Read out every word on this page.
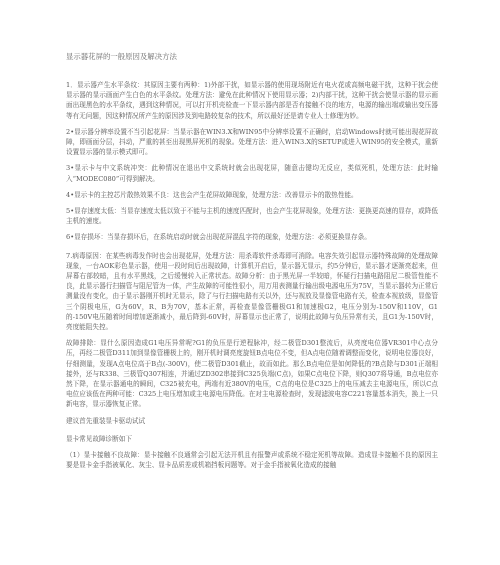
显示器花屏的一般原因及解决方法

1．显示器产生水平条纹：其原因主要有两种：1)外部干扰，如显示器的使用现场附近有电火花或高频电磁干扰，这种干扰会使显示器的显示画面产生白色的水平条纹。处理方法：避免在此种情况下使用显示器；2)内部干扰，这种干扰会使显示器的显示画面出现黑色的水平条纹，遇到这种情况，可以打开机壳检查一下显示器内部是否有接触不良的地方，电源的输出端或输出变压器等有无问题，因这种情况所产生的原因涉及到电路较复杂的技术，所以最好还是请专业人士修理为妙。

2•显示器分辨率设置不当引起花屏：当显示器在WIN3.X和WIN95中分辨率设置不正确时，启动Windows时就可能出现花屏故障，即画面分层，抖动，严重的甚至出现黑屏死机的现象。处理方法：进入WIN3.X的SETUP或进入WIN95的安全模式，重新设置显示器的显示模式即可。

3•显示卡与中文系统冲突：此种情况在退出中文系统时就会出现花屏，随意击键均无反应，类似死机，处理方法：此时输入“MODEC080”可得到解决。

4•显示卡的主控芯片散热效果不良：这也会产生花屏故障现象，处理方法：改善显示卡的散热性能。

5•显存速度太低：当显存速度太低以致于不能与主机的速度匹配时，也会产生花屏现象，处理方法：更换更高速的显存，或降低主机的速度。

6•显存损坏：当显存损坏后，在系统启动时就会出现花屏混乱字符的现象，处理方法：必须更换显存条。

7.病毒原因：在某些病毒发作时也会出现花屏，处理方法：用杀毒软件杀毒即可消除。电容失效引起显示器特殊故障的处理故障现象，一台AOK彩色显示器，使用一段时间后出现故障，计算机开启后，显示器无显示，约5分钟后，显示器才逐渐亮起来，但屏幕右部较暗，且有水平黑线，之后缓慢转入正常状态。故障分析：由于黑光屏一半较暗，怀疑行扫描电路阻尼二极管性能不良，此显示器行扫描管与阻尼管为一体，产生故障的可能性很小，用万用表测量行输出级电源电压为75V，当显示器转为正常后测量没有变化，由于显示器刚开机时无显示，除了与行扫描电路有关以外，还与视放及显像管电路有关，检查本视放级，显像管三个阴极电压，G为60V，R、B为70V，基本正常，再检查显像管栅极G1和加速极G2，电压分别为-150V和110V，G1的-150V电压随着时间增加逐渐减小，最后降到-60V时，屏幕显示也正常了，说明此故障与负压异常有关，且G1为-150V时，亮度能阻失控。

故障排除：显什么原因造成G1电压异常呢?G1的负压是行逆程脉冲，经二极管D301整流后，从亮度电位器VR301中心点分压，再经二极管D311加到显像管栅极上的，刚开机时调亮度旋钮B点电位不变，但A点电位随着调整而变化，说明电位器良好，仔细测量，发现A点电位高于B点(-300V)，使二极管D301截止，故而如此。那么B点电位是如何降低的?B点除与D301正端相接外，还与R338、三极管Q307相连，并通过ZD302串接到C325负端(C点)，如果C点电位下降，则Q307将导通，B点电位亦然下降，在显示器通电的瞬间，C325被充电，两端有近380V的电压，C点的电位是C325上的电压减去主电源电压，所以C点电位应该低在两种可能：C325上电压增加或主电源电压降低。在对主电源检查时，发现滤波电容C221容量基本消失，换上一只新电容，显示器恢复正常。

建议首先重装显卡驱动试试

显卡常见故障诊断如下

（1）显卡接触不良故障：显卡接触不良通常会引起无法开机且有报警声或系统不稳定死机等故障。造成显卡接触不良的原因主要是显卡金手指被氧化、灰尘、显卡品质差或机箱挡板问题等。对于金手指被氧化造成的接触
